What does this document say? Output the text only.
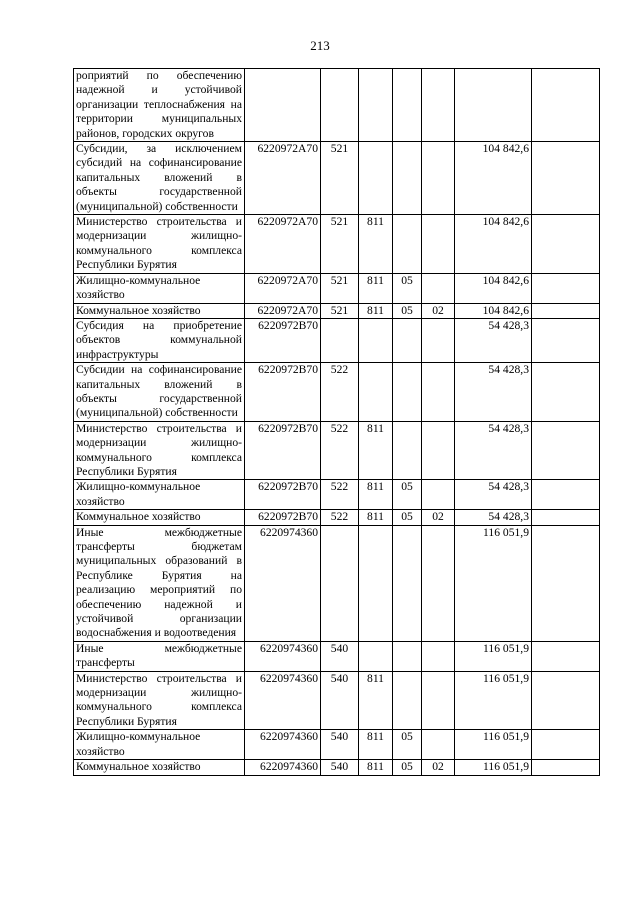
213
роприятий по обеспечению надежной и устойчивой организации теплоснабжения на территории муниципальных районов, городских округов							
Субсидии, за исключением субсидий на софинансирование капитальных вложений в объекты государственной (муниципальной) собственности	6220972A70	521				104 842,6	
Министерство строительства и модернизации жилищно-коммунального комплекса Республики Бурятия	6220972A70	521	811			104 842,6	
Жилищно-коммунальное хозяйство	6220972A70	521	811	05		104 842,6	
Коммунальное хозяйство	6220972A70	521	811	05	02	104 842,6	
Субсидия на приобретение объектов коммунальной инфраструктуры	6220972B70					54 428,3	
Субсидии на софинансирование капитальных вложений в объекты государственной (муниципальной) собственности	6220972B70	522				54 428,3	
Министерство строительства и модернизации жилищно-коммунального комплекса Республики Бурятия	6220972B70	522	811			54 428,3	
Жилищно-коммунальное хозяйство	6220972B70	522	811	05		54 428,3	
Коммунальное хозяйство	6220972B70	522	811	05	02	54 428,3	
Иные межбюджетные трансферты бюджетам муниципальных образований в Республике Бурятия на реализацию мероприятий по обеспечению надежной и устойчивой организации водоснабжения и водоотведения	6220974360					116 051,9	
Иные межбюджетные трансферты	6220974360	540				116 051,9	
Министерство строительства и модернизации жилищно-коммунального комплекса Республики Бурятия	6220974360	540	811			116 051,9	
Жилищно-коммунальное хозяйство	6220974360	540	811	05		116 051,9	
Коммунальное хозяйство	6220974360	540	811	05	02	116 051,9	
